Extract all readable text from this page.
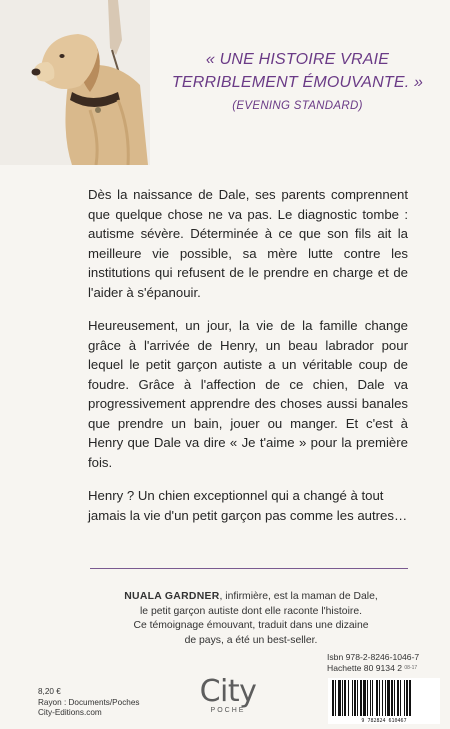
« UNE HISTOIRE VRAIE
TERRIBLEMENT ÉMOUVANTE. »
(EVENING STANDARD)

Dès la naissance de Dale, ses parents comprennent que quelque chose ne va pas. Le diagnostic tombe : autisme sévère. Déterminée à ce que son fils ait la meilleure vie possible, sa mère lutte contre les institutions qui refusent de le prendre en charge et de l'aider à s'épanouir.

Heureusement, un jour, la vie de la famille change grâce à l'arrivée de Henry, un beau labrador pour lequel le petit garçon autiste a un véritable coup de foudre. Grâce à l'affection de ce chien, Dale va progressivement apprendre des choses aussi banales que prendre un bain, jouer ou manger. Et c'est à Henry que Dale va dire « Je t'aime » pour la première fois.

Henry ? Un chien exceptionnel qui a changé à tout jamais la vie d'un petit garçon pas comme les autres…

NUALA GARDNER, infirmière, est la maman de Dale,
le petit garçon autiste dont elle raconte l'histoire.
Ce témoignage émouvant, traduit dans une dizaine
de pays, a été un best-seller.
8,20 €
Rayon : Documents/Poches
City-Editions.com
City
POCHE
Isbn 978-2-8246-1046-7
Hachette 80 9134 2 08-17
9 782824 610467
